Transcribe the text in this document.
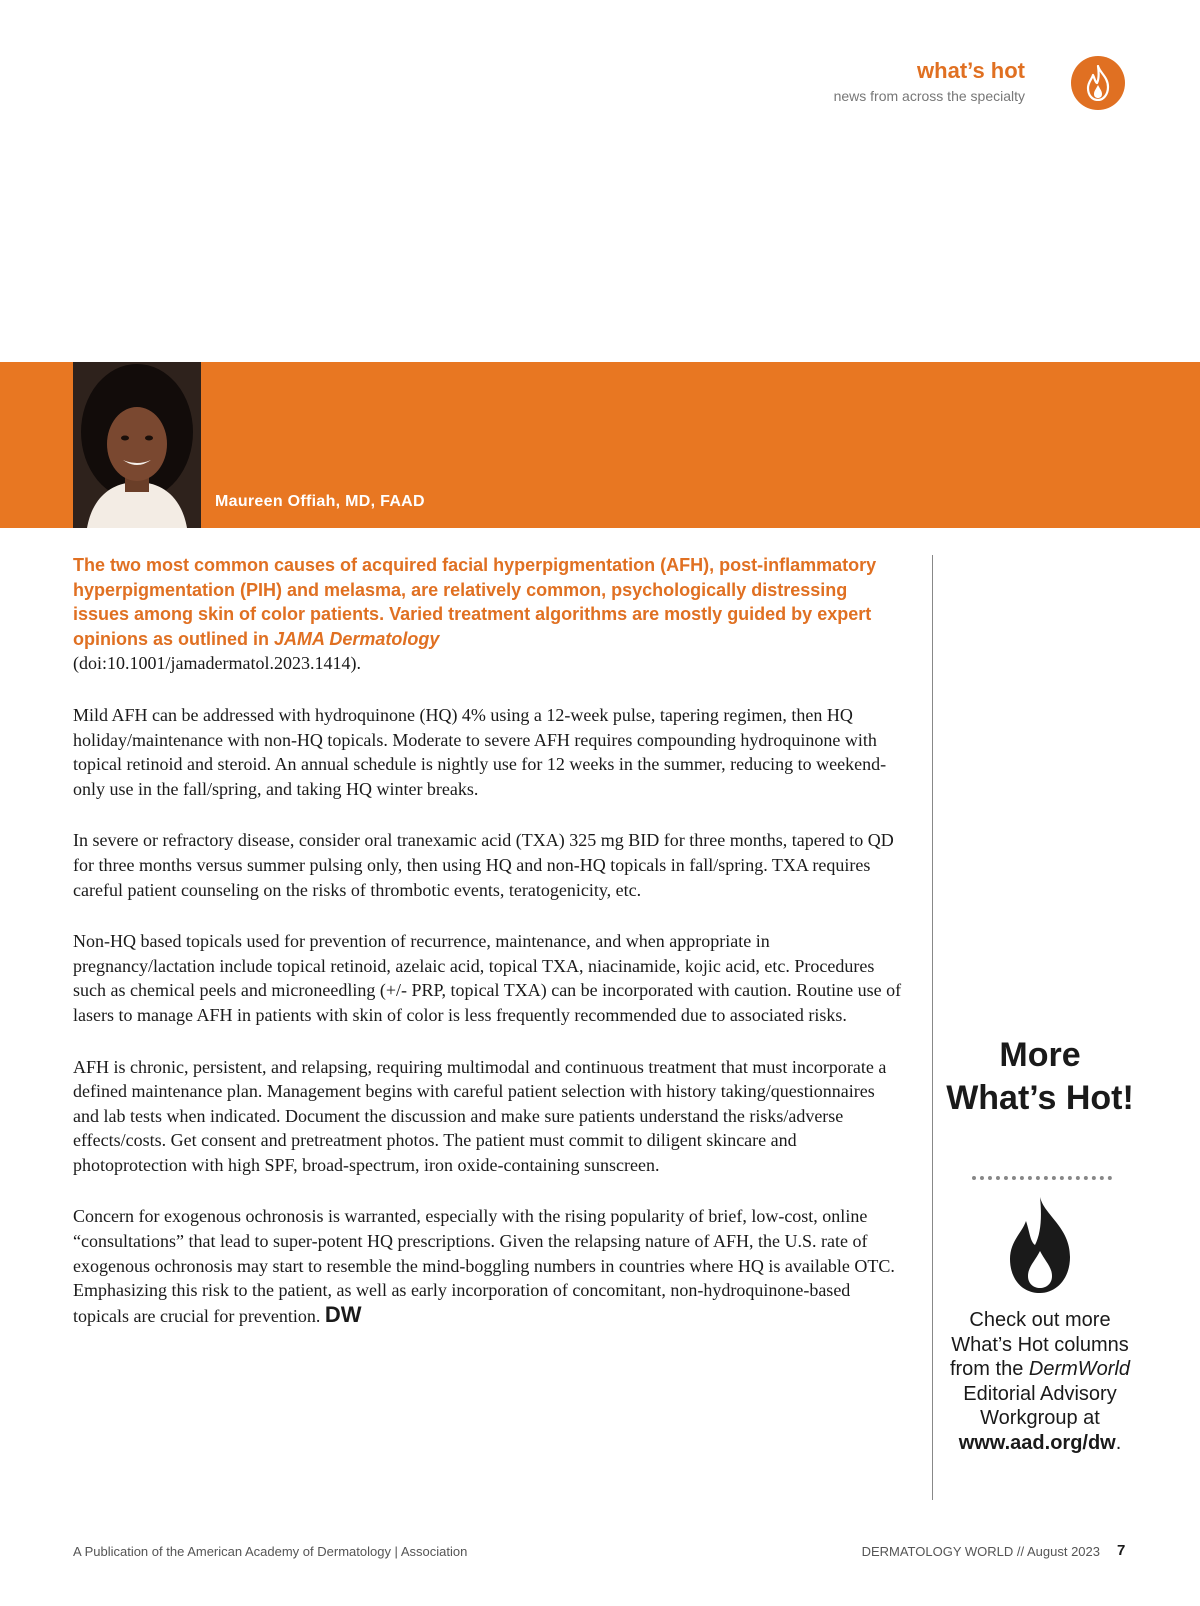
what’s hot
news from across the specialty
Maureen Offiah, MD, FAAD

The two most common causes of acquired facial hyperpigmentation (AFH), post-inflammatory hyperpigmentation (PIH) and melasma, are relatively common, psychologically distressing issues among skin of color patients. Varied treatment algorithms are mostly guided by expert opinions as outlined in JAMA Dermatology
(doi:10.1001/jamadermatol.2023.1414).

Mild AFH can be addressed with hydroquinone (HQ) 4% using a 12-week pulse, tapering regimen, then HQ holiday/maintenance with non-HQ topicals. Moderate to severe AFH requires compounding hydroquinone with topical retinoid and steroid. An annual schedule is nightly use for 12 weeks in the summer, reducing to weekend-only use in the fall/spring, and taking HQ winter breaks.

In severe or refractory disease, consider oral tranexamic acid (TXA) 325 mg BID for three months, tapered to QD for three months versus summer pulsing only, then using HQ and non-HQ topicals in fall/spring. TXA requires careful patient counseling on the risks of thrombotic events, teratogenicity, etc.

Non-HQ based topicals used for prevention of recurrence, maintenance, and when appropriate in pregnancy/lactation include topical retinoid, azelaic acid, topical TXA, niacinamide, kojic acid, etc. Procedures such as chemical peels and microneedling (+/- PRP, topical TXA) can be incorporated with caution. Routine use of lasers to manage AFH in patients with skin of color is less frequently recommended due to associated risks.

AFH is chronic, persistent, and relapsing, requiring multimodal and continuous treatment that must incorporate a defined maintenance plan. Management begins with careful patient selection with history taking/questionnaires and lab tests when indicated. Document the discussion and make sure patients understand the risks/adverse effects/costs. Get consent and pretreatment photos. The patient must commit to diligent skincare and photoprotection with high SPF, broad-spectrum, iron oxide-containing sunscreen.

Concern for exogenous ochronosis is warranted, especially with the rising popularity of brief, low-cost, online “consultations” that lead to super-potent HQ prescriptions. Given the relapsing nature of AFH, the U.S. rate of exogenous ochronosis may start to resemble the mind-boggling numbers in countries where HQ is available OTC. Emphasizing this risk to the patient, as well as early incorporation of concomitant, non-hydroquinone-based topicals are crucial for prevention. DW

More What’s Hot!
Check out more What’s Hot columns from the DermWorld Editorial Advisory Workgroup at www.aad.org/dw.
A Publication of the American Academy of Dermatology | Association	DERMATOLOGY WORLD // August 2023 7
